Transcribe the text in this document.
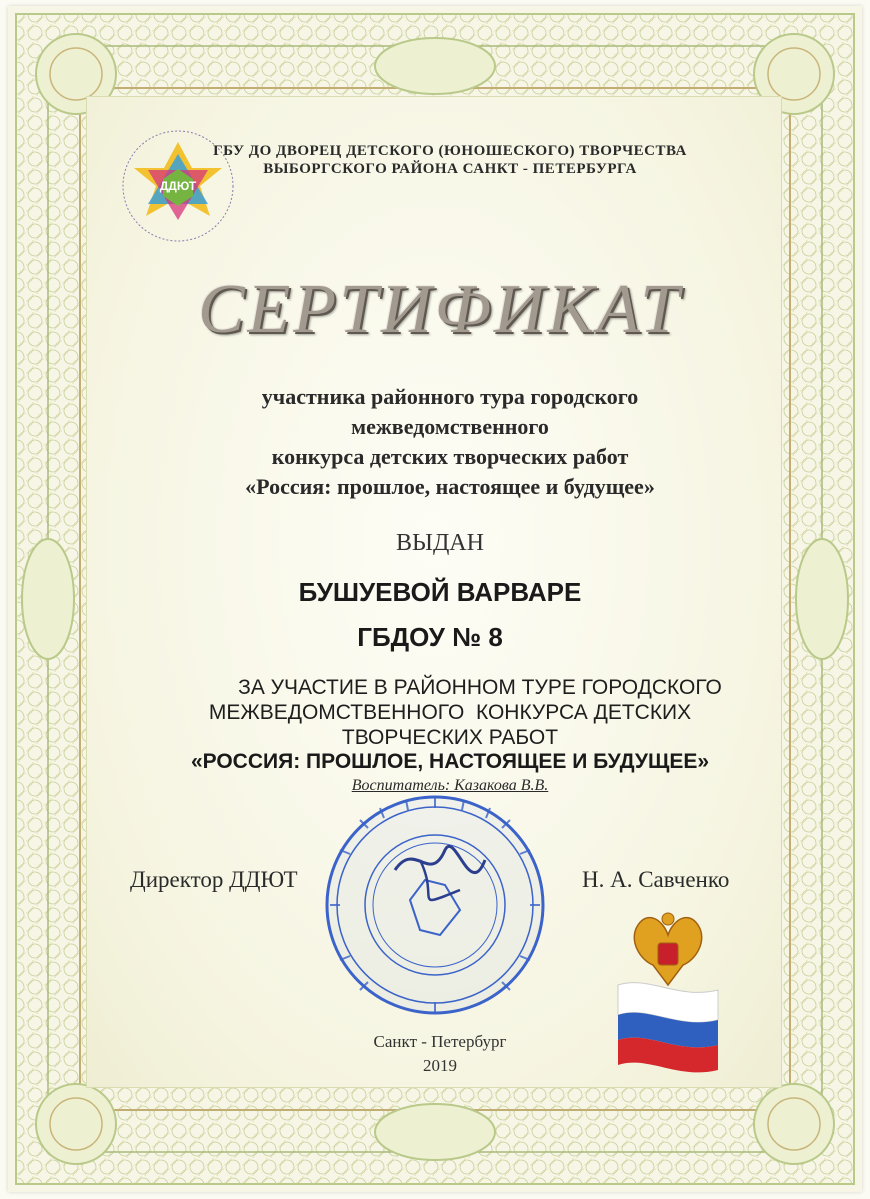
ДДЮТ
ГБУ ДО ДВОРЕЦ ДЕТСКОГО (ЮНОШЕСКОГО) ТВОРЧЕСТВА
ВЫБОРГСКОГО РАЙОНА САНКТ - ПЕТЕРБУРГА
СЕРТИФИКАТ
участника районного тура городского
межведомственного
конкурса детских творческих работ
«Россия: прошлое, настоящее и будущее»
ВЫДАН
БУШУЕВОЙ ВАРВАРЕ
ГБДОУ № 8
ЗА УЧАСТИЕ В РАЙОННОМ ТУРЕ ГОРОДСКОГО
МЕЖВЕДОМСТВЕННОГО  КОНКУРСА ДЕТСКИХ
ТВОРЧЕСКИХ РАБОТ
«РОССИЯ: ПРОШЛОЕ, НАСТОЯЩЕЕ И БУДУЩЕЕ»
Воспитатель: Казакова В.В.
Директор ДДЮТ	Н. А. Савченко
Санкт - Петербург
2019
